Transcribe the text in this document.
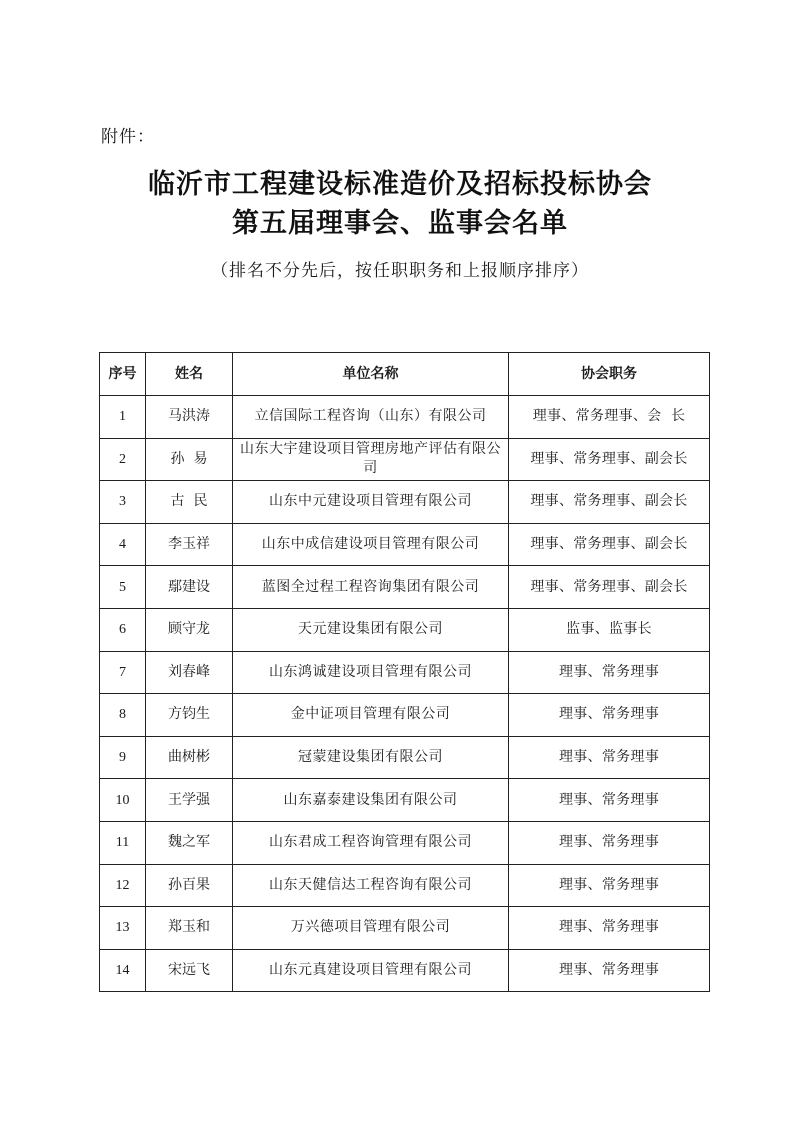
附件：
临沂市工程建设标准造价及招标投标协会
第五届理事会、监事会名单
（排名不分先后，按任职职务和上报顺序排序）
序号	姓名	单位名称	协会职务
1	马洪涛	立信国际工程咨询（山东）有限公司	理事、常务理事、会  长
2	孙  易	山东大宇建设项目管理房地产评估有限公司	理事、常务理事、副会长
3	古  民	山东中元建设项目管理有限公司	理事、常务理事、副会长
4	李玉祥	山东中成信建设项目管理有限公司	理事、常务理事、副会长
5	鄢建设	蓝图全过程工程咨询集团有限公司	理事、常务理事、副会长
6	顾守龙	天元建设集团有限公司	监事、监事长
7	刘春峰	山东鸿诚建设项目管理有限公司	理事、常务理事
8	方钧生	金中证项目管理有限公司	理事、常务理事
9	曲树彬	冠蒙建设集团有限公司	理事、常务理事
10	王学强	山东嘉泰建设集团有限公司	理事、常务理事
11	魏之军	山东君成工程咨询管理有限公司	理事、常务理事
12	孙百果	山东天健信达工程咨询有限公司	理事、常务理事
13	郑玉和	万兴德项目管理有限公司	理事、常务理事
14	宋远飞	山东元真建设项目管理有限公司	理事、常务理事
